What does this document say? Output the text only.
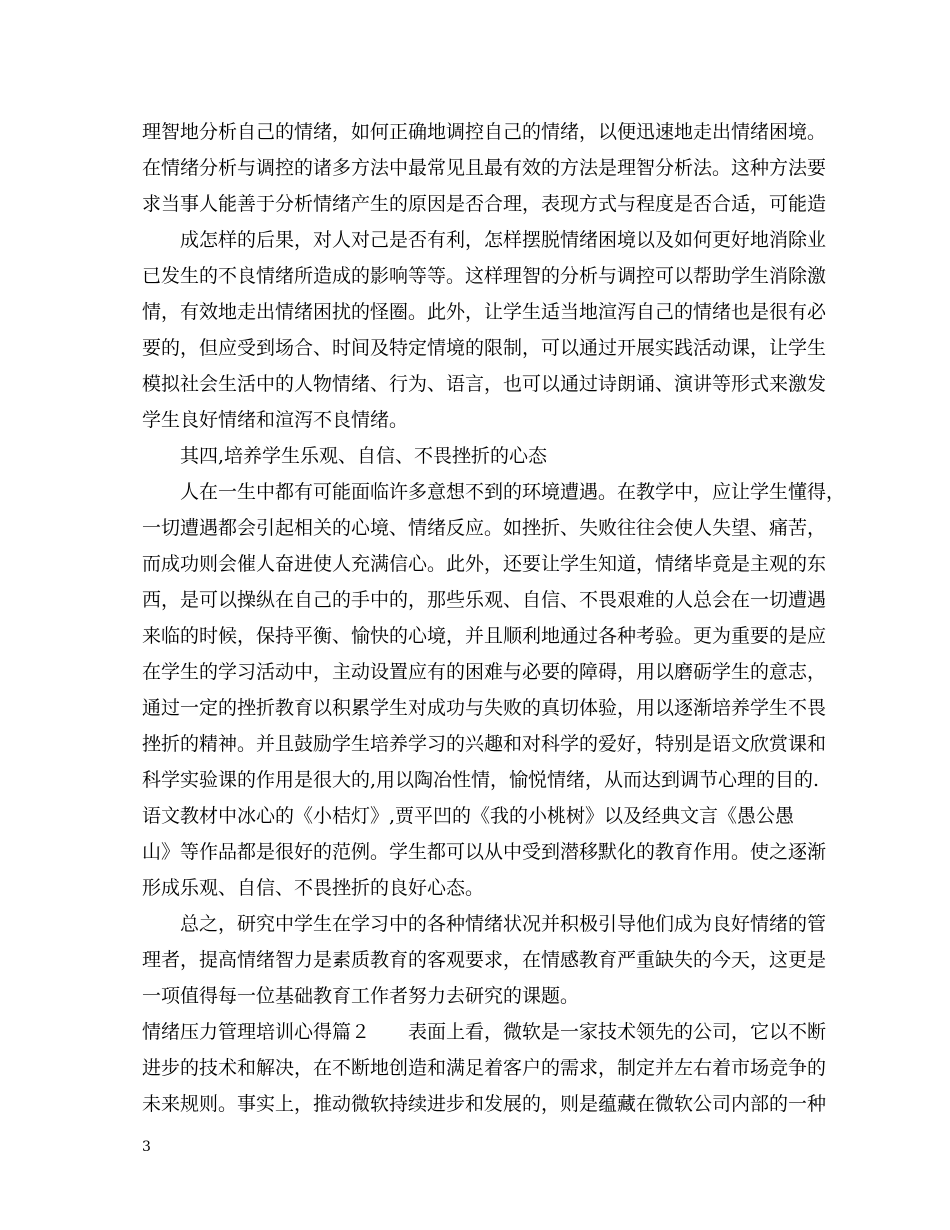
理智地分析自己的情绪，如何正确地调控自己的情绪，以便迅速地走出情绪困境。
在情绪分析与调控的诸多方法中最常见且最有效的方法是理智分析法。这种方法要
求当事人能善于分析情绪产生的原因是否合理，表现方式与程度是否合适，可能造
成怎样的后果，对人对己是否有利，怎样摆脱情绪困境以及如何更好地消除业
已发生的不良情绪所造成的影响等等。这样理智的分析与调控可以帮助学生消除激
情，有效地走出情绪困扰的怪圈。此外，让学生适当地渲泻自己的情绪也是很有必
要的，但应受到场合、时间及特定情境的限制，可以通过开展实践活动课，让学生
模拟社会生活中的人物情绪、行为、语言，也可以通过诗朗诵、演讲等形式来激发
学生良好情绪和渲泻不良情绪。
其四,培养学生乐观、自信、不畏挫折的心态
人在一生中都有可能面临许多意想不到的环境遭遇。在教学中，应让学生懂得，
一切遭遇都会引起相关的心境、情绪反应。如挫折、失败往往会使人失望、痛苦，
而成功则会催人奋进使人充满信心。此外，还要让学生知道，情绪毕竟是主观的东
西，是可以操纵在自己的手中的，那些乐观、自信、不畏艰难的人总会在一切遭遇
来临的时候，保持平衡、愉快的心境，并且顺利地通过各种考验。更为重要的是应
在学生的学习活动中，主动设置应有的困难与必要的障碍，用以磨砺学生的意志，
通过一定的挫折教育以积累学生对成功与失败的真切体验，用以逐渐培养学生不畏
挫折的精神。并且鼓励学生培养学习的兴趣和对科学的爱好，特别是语文欣赏课和
科学实验课的作用是很大的,用以陶冶性情，愉悦情绪，从而达到调节心理的目的.
语文教材中冰心的《小桔灯》,贾平凹的《我的小桃树》以及经典文言《愚公愚
山》等作品都是很好的范例。学生都可以从中受到潜移默化的教育作用。使之逐渐
形成乐观、自信、不畏挫折的良好心态。
总之，研究中学生在学习中的各种情绪状况并积极引导他们成为良好情绪的管
理者，提高情绪智力是素质教育的客观要求，在情感教育严重缺失的今天，这更是
一项值得每一位基础教育工作者努力去研究的课题。
情绪压力管理培训心得篇２　　表面上看，微软是一家技术领先的公司，它以不断
进步的技术和解决，在不断地创造和满足着客户的需求，制定并左右着市场竞争的
未来规则。事实上，推动微软持续进步和发展的，则是蕴藏在微软公司内部的一种
3
